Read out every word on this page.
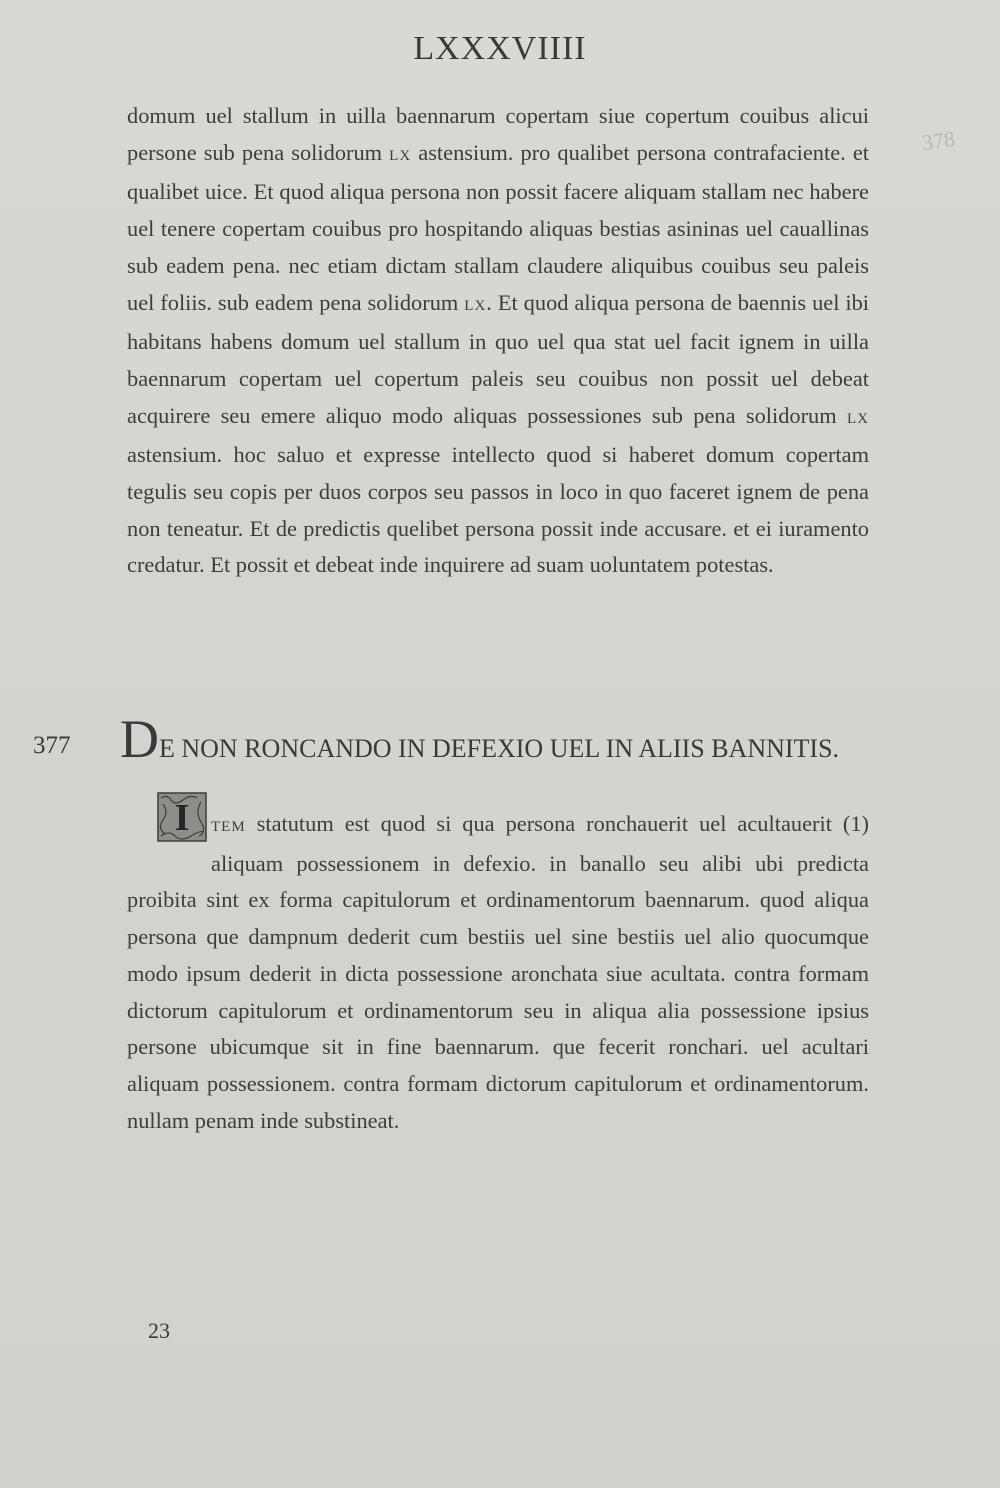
LXXXVIIII
378

domum uel stallum in uilla baennarum copertam siue copertum couibus alicui persone sub pena solidorum LX astensium. pro qualibet persona contrafaciente. et qualibet uice. Et quod aliqua persona non possit facere aliquam stallam nec habere uel tenere copertam couibus pro hospitando aliquas bestias asininas uel cauallinas sub eadem pena. nec etiam dictam stallam claudere aliquibus couibus seu paleis uel foliis. sub eadem pena solidorum LX. Et quod aliqua persona de baennis uel ibi habitans habens domum uel stallum in quo uel qua stat uel facit ignem in uilla baennarum copertam uel copertum paleis seu couibus non possit uel debeat acquirere seu emere aliquo modo aliquas possessiones sub pena solidorum LX astensium. hoc saluo et expresse intellecto quod si haberet domum copertam tegulis seu copis per duos corpos seu passos in loco in quo faceret ignem de pena non teneatur. Et de predictis quelibet persona possit inde accusare. et ei iuramento credatur. Et possit et debeat inde inquirere ad suam uoluntatem potestas.

377 DE NON RONCANDO IN DEFEXIO UEL IN ALIIS BANNITIS.

I TEM statutum est quod si qua persona ronchauerit uel acultauerit (1) aliquam possessionem in defexio. in banallo seu alibi ubi predicta proibita sint ex forma capitulorum et ordinamentorum baennarum. quod aliqua persona que dampnum dederit cum bestiis uel sine bestiis uel alio quocumque modo ipsum dederit in dicta possessione aronchata siue acultata. contra formam dictorum capitulorum et ordinamentorum seu in aliqua alia possessione ipsius persone ubicumque sit in fine baennarum. que fecerit ronchari. uel acultari aliquam possessionem. contra formam dictorum capitulorum et ordinamentorum. nullam penam inde substineat.

23
